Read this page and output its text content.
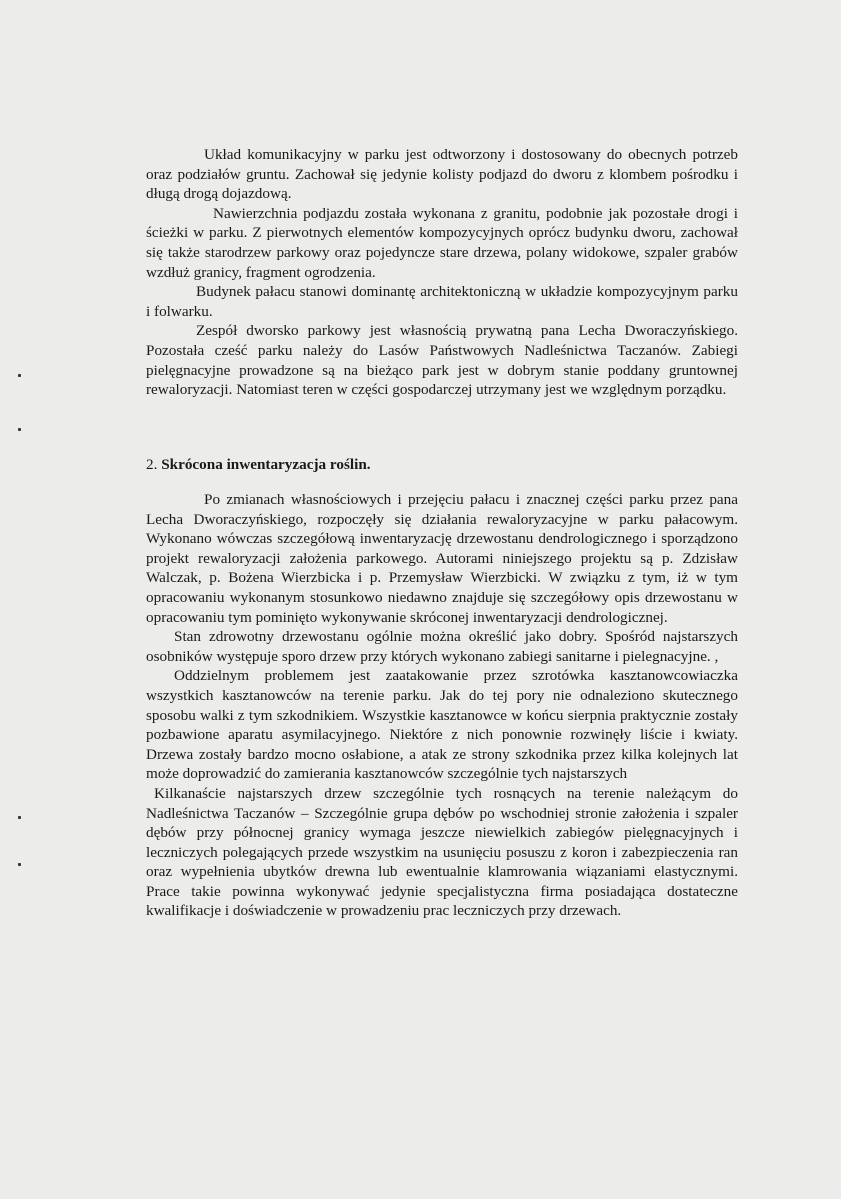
Układ komunikacyjny w parku jest odtworzony i dostosowany do obecnych potrzeb oraz podziałów gruntu. Zachował się jedynie kolisty podjazd do dworu z klombem pośrodku i długą drogą dojazdową.

Nawierzchnia podjazdu została wykonana z granitu, podobnie jak pozostałe drogi i ścieżki w parku. Z pierwotnych elementów kompozycyjnych oprócz budynku dworu, zachował się także starodrzew parkowy oraz pojedyncze stare drzewa, polany widokowe, szpaler grabów wzdłuż granicy, fragment ogrodzenia.

Budynek pałacu stanowi dominantę architektoniczną w układzie kompozycyjnym parku i folwarku.

Zespół dworsko parkowy jest własnością prywatną pana Lecha Dworaczyńskiego. Pozostała cześć parku należy do Lasów Państwowych Nadleśnictwa Taczanów. Zabiegi pielęgnacyjne prowadzone są na bieżąco park jest w dobrym stanie poddany gruntownej rewaloryzacji. Natomiast teren w części gospodarczej utrzymany jest we względnym porządku.

2. Skrócona inwentaryzacja roślin.

Po zmianach własnościowych i przejęciu pałacu i znacznej części parku przez pana Lecha Dworaczyńskiego, rozpoczęły się działania rewaloryzacyjne w parku pałacowym. Wykonano wówczas szczegółową inwentaryzację drzewostanu dendrologicznego i sporządzono projekt rewaloryzacji założenia parkowego. Autorami niniejszego projektu są p. Zdzisław Walczak, p. Bożena Wierzbicka i p. Przemysław Wierzbicki. W związku z tym, iż w tym opracowaniu wykonanym stosunkowo niedawno znajduje się szczegółowy opis drzewostanu w opracowaniu tym pominięto wykonywanie skróconej inwentaryzacji dendrologicznej.

Stan zdrowotny drzewostanu ogólnie można określić jako dobry. Spośród najstarszych osobników występuje sporo drzew przy których wykonano zabiegi sanitarne i pielegnacyjne. ,

Oddzielnym problemem jest zaatakowanie przez szrotówka kasztanowcowiaczka wszystkich kasztanowców na terenie parku. Jak do tej pory nie odnaleziono skutecznego sposobu walki z tym szkodnikiem. Wszystkie kasztanowce w końcu sierpnia praktycznie zostały pozbawione aparatu asymilacyjnego. Niektóre z nich ponownie rozwinęły liście i kwiaty. Drzewa zostały bardzo mocno osłabione, a atak ze strony szkodnika przez kilka kolejnych lat może doprowadzić do zamierania kasztanowców szczególnie tych najstarszych

Kilkanaście najstarszych drzew szczególnie tych rosnących na terenie należącym do Nadleśnictwa Taczanów – Szczególnie grupa dębów po wschodniej stronie założenia i szpaler dębów przy północnej granicy wymaga jeszcze niewielkich zabiegów pielęgnacyjnych i leczniczych polegających przede wszystkim na usunięciu posuszu z koron i zabezpieczenia ran oraz wypełnienia ubytków drewna lub ewentualnie klamrowania wiązaniami elastycznymi. Prace takie powinna wykonywać jedynie specjalistyczna firma posiadająca dostateczne kwalifikacje i doświadczenie w prowadzeniu prac leczniczych przy drzewach.
